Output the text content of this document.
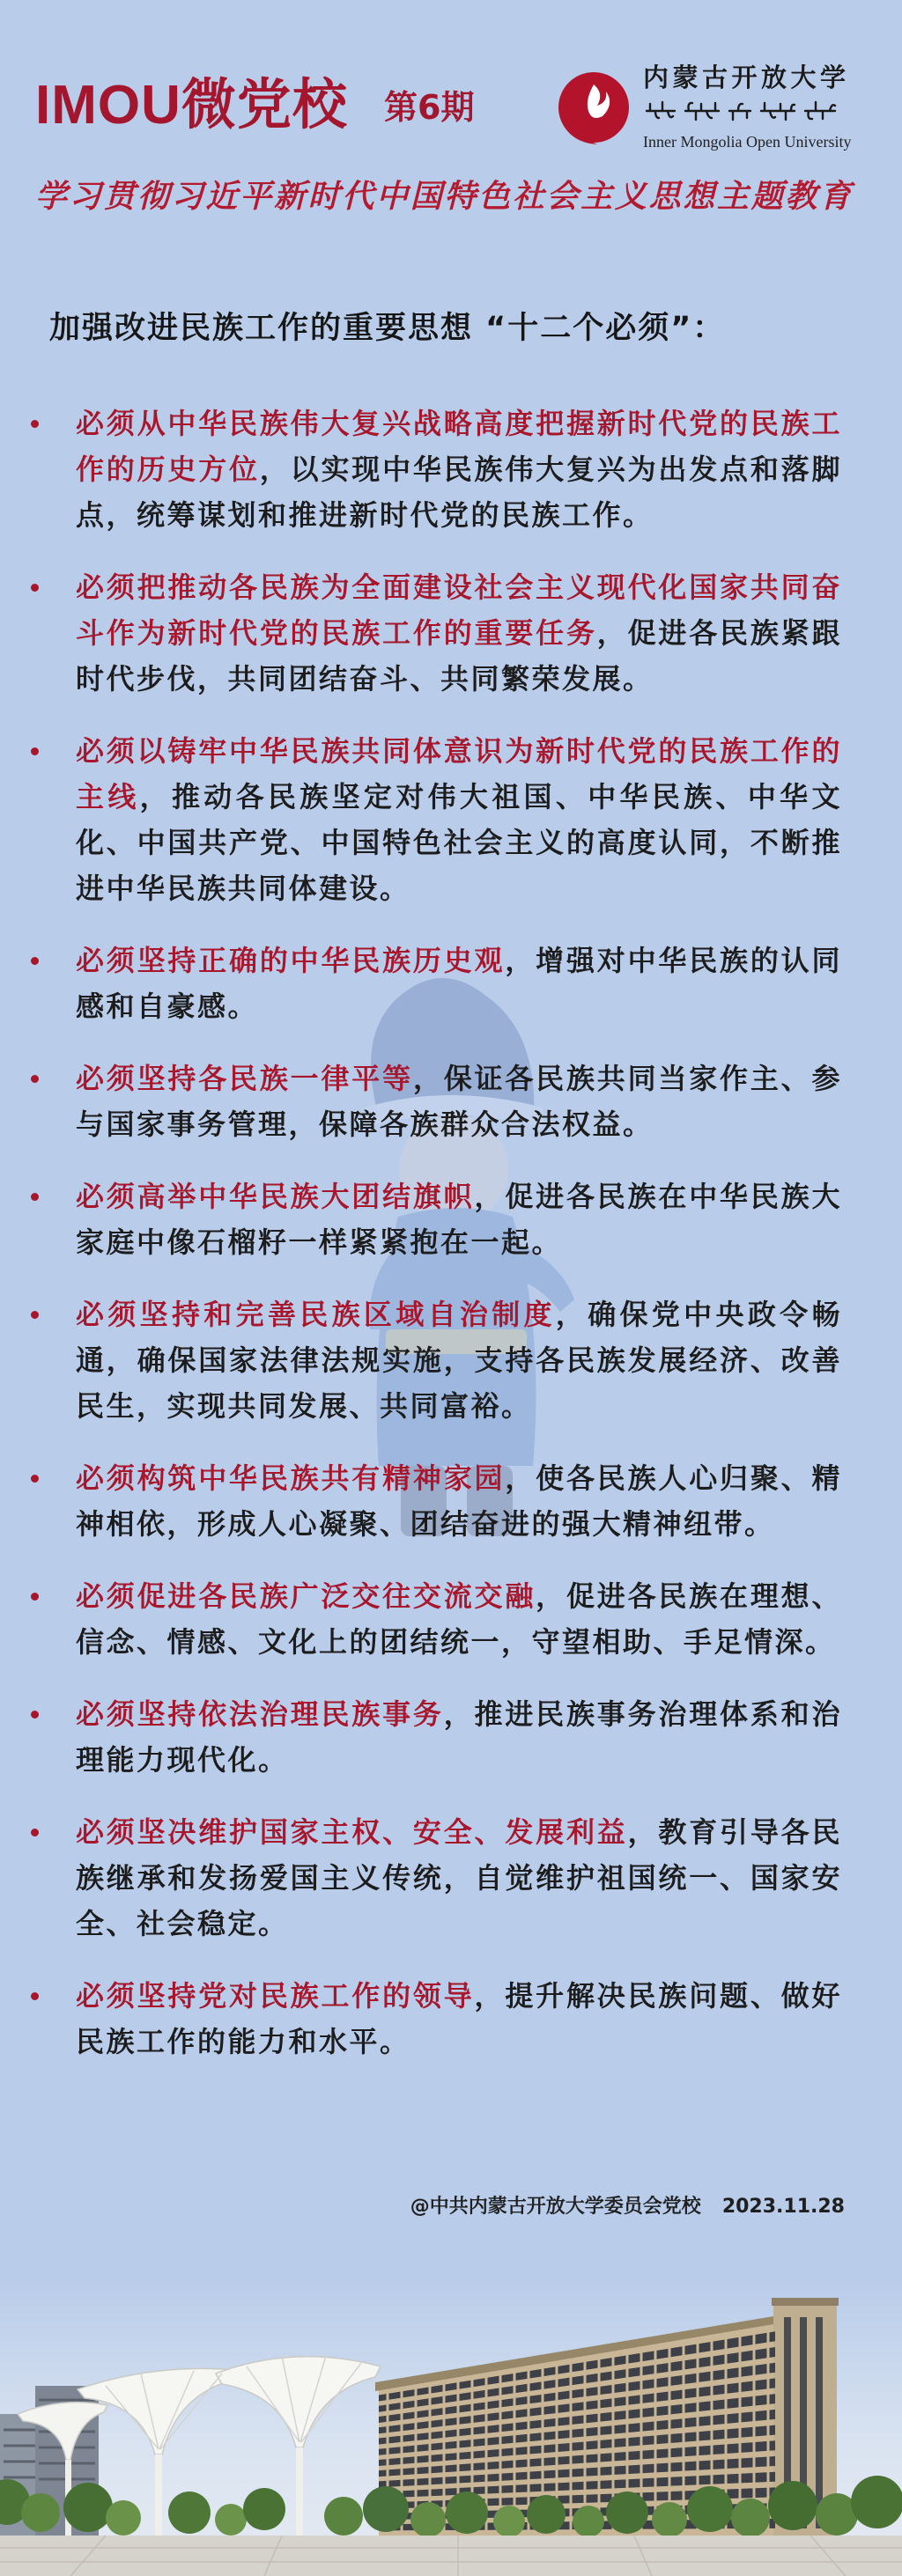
IMOU微党校 第6期
内蒙古开放大学
Inner Mongolia Open University
学习贯彻习近平新时代中国特色社会主义思想主题教育
加强改进民族工作的重要思想 “十二个必须”：
必须从中华民族伟大复兴战略高度把握新时代党的民族工作的历史方位，以实现中华民族伟大复兴为出发点和落脚点，统筹谋划和推进新时代党的民族工作。
必须把推动各民族为全面建设社会主义现代化国家共同奋斗作为新时代党的民族工作的重要任务，促进各民族紧跟时代步伐，共同团结奋斗、共同繁荣发展。
必须以铸牢中华民族共同体意识为新时代党的民族工作的主线，推动各民族坚定对伟大祖国、中华民族、中华文化、中国共产党、中国特色社会主义的高度认同，不断推进中华民族共同体建设。
必须坚持正确的中华民族历史观，增强对中华民族的认同感和自豪感。
必须坚持各民族一律平等，保证各民族共同当家作主、参与国家事务管理，保障各族群众合法权益。
必须高举中华民族大团结旗帜，促进各民族在中华民族大家庭中像石榴籽一样紧紧抱在一起。
必须坚持和完善民族区域自治制度，确保党中央政令畅通，确保国家法律法规实施，支持各民族发展经济、改善民生，实现共同发展、共同富裕。
必须构筑中华民族共有精神家园，使各民族人心归聚、精神相依，形成人心凝聚、团结奋进的强大精神纽带。
必须促进各民族广泛交往交流交融，促进各民族在理想、信念、情感、文化上的团结统一，守望相助、手足情深。
必须坚持依法治理民族事务，推进民族事务治理体系和治理能力现代化。
必须坚决维护国家主权、安全、发展利益，教育引导各民族继承和发扬爱国主义传统，自觉维护祖国统一、国家安全、社会稳定。
必须坚持党对民族工作的领导，提升解决民族问题、做好民族工作的能力和水平。
@中共内蒙古开放大学委员会党校 2023.11.28
